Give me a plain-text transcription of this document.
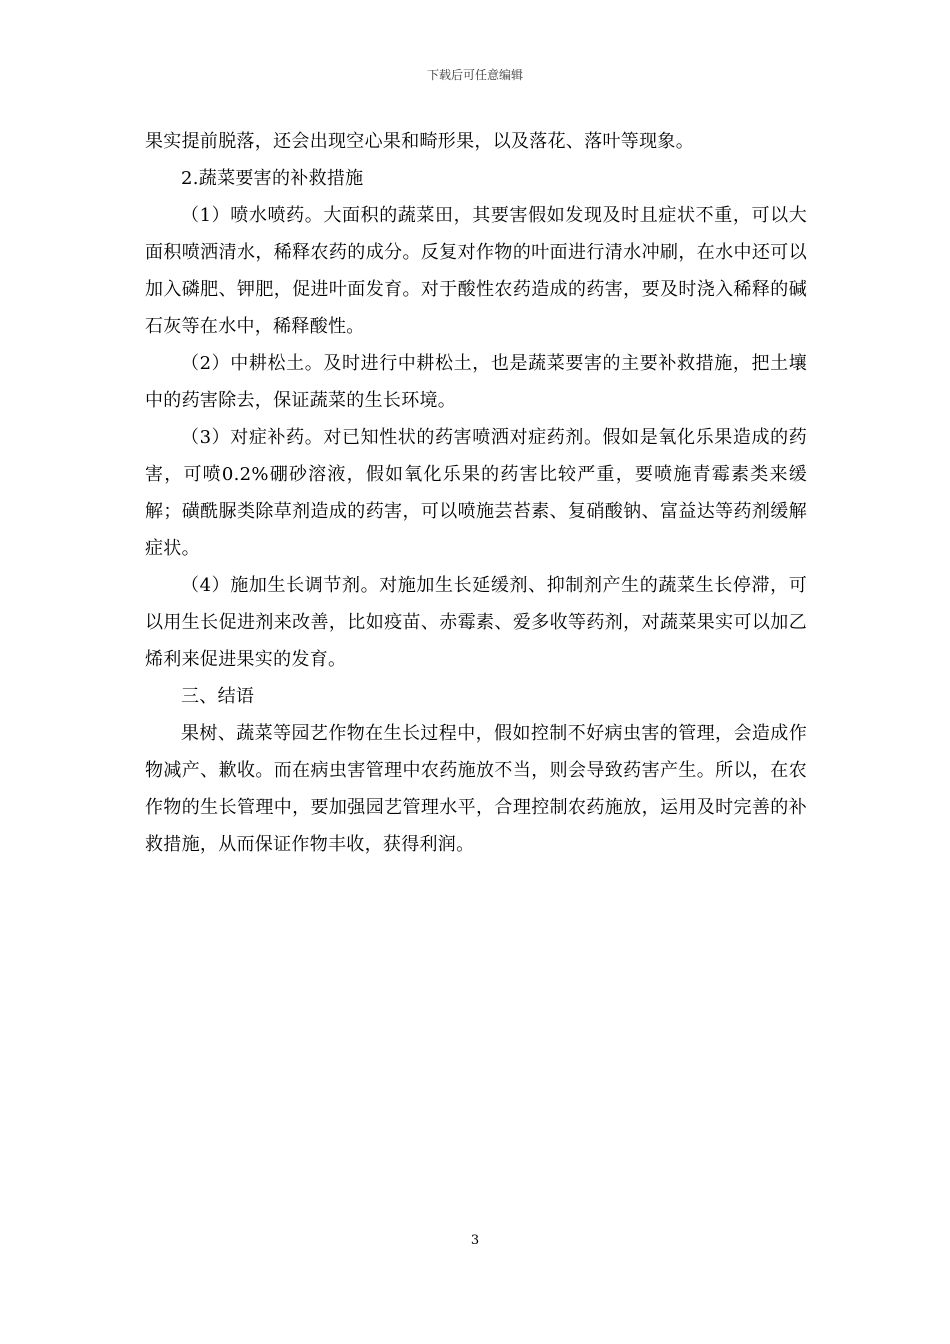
下载后可任意编辑

果实提前脱落，还会出现空心果和畸形果，以及落花、落叶等现象。

2.蔬菜要害的补救措施

（1）喷水喷药。大面积的蔬菜田，其要害假如发现及时且症状不重，可以大面积喷洒清水，稀释农药的成分。反复对作物的叶面进行清水冲刷，在水中还可以加入磷肥、钾肥，促进叶面发育。对于酸性农药造成的药害，要及时浇入稀释的碱石灰等在水中，稀释酸性。

（2）中耕松土。及时进行中耕松土，也是蔬菜要害的主要补救措施，把土壤中的药害除去，保证蔬菜的生长环境。

（3）对症补药。对已知性状的药害喷洒对症药剂。假如是氧化乐果造成的药害，可喷0.2%硼砂溶液，假如氧化乐果的药害比较严重，要喷施青霉素类来缓解；磺酰脲类除草剂造成的药害，可以喷施芸苔素、复硝酸钠、富益达等药剂缓解症状。

（4）施加生长调节剂。对施加生长延缓剂、抑制剂产生的蔬菜生长停滞，可以用生长促进剂来改善，比如疫苗、赤霉素、爱多收等药剂，对蔬菜果实可以加乙烯利来促进果实的发育。

三、结语

果树、蔬菜等园艺作物在生长过程中，假如控制不好病虫害的管理，会造成作物减产、歉收。而在病虫害管理中农药施放不当，则会导致药害产生。所以，在农作物的生长管理中，要加强园艺管理水平，合理控制农药施放，运用及时完善的补救措施，从而保证作物丰收，获得利润。

3
